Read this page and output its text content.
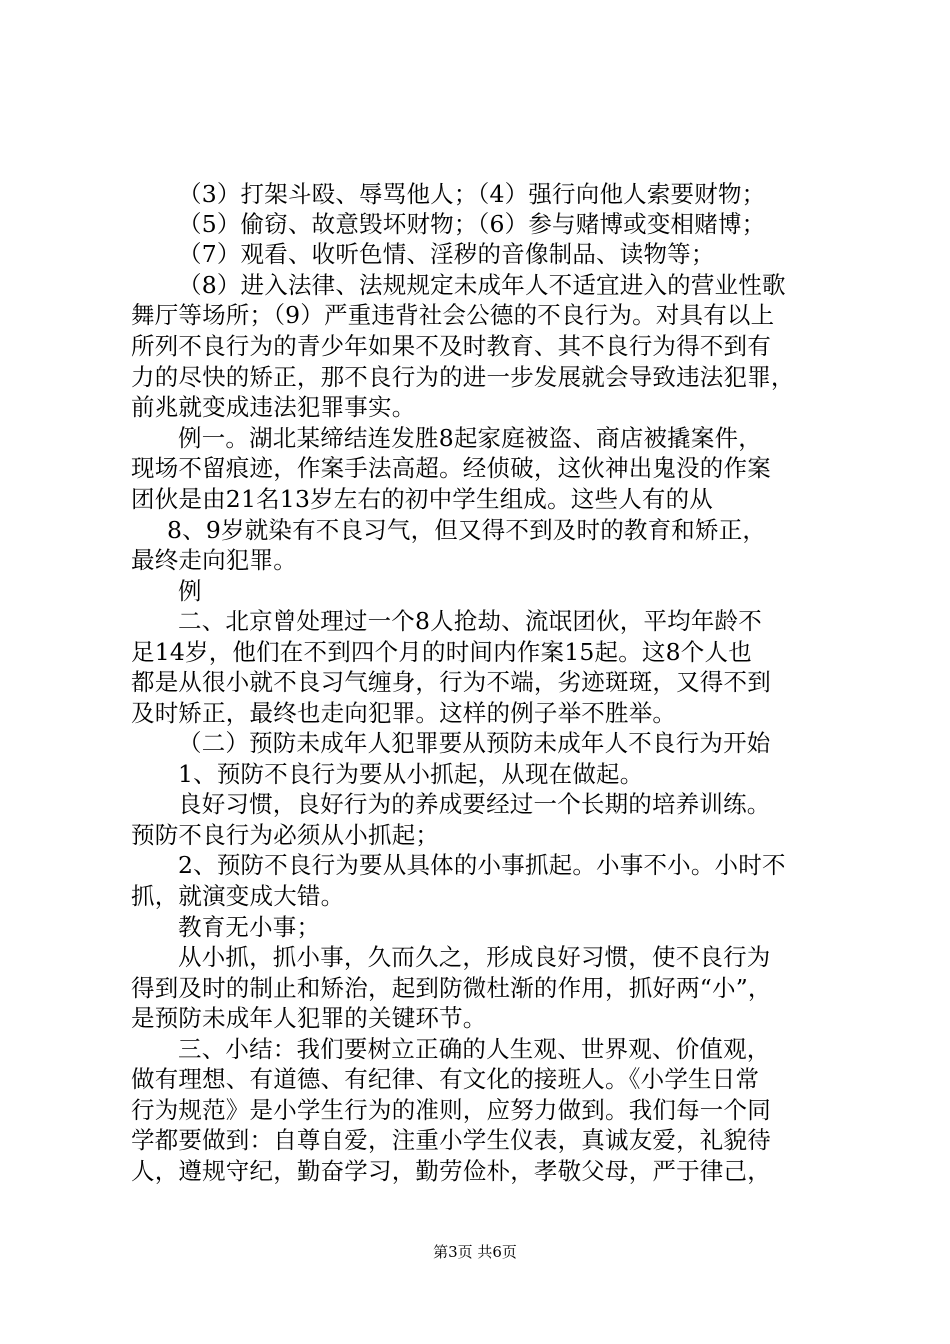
（3）打架斗殴、辱骂他人；（4）强行向他人索要财物；
（5）偷窃、故意毁坏财物；（6）参与赌博或变相赌博；
（7）观看、收听色情、淫秽的音像制品、读物等；
（8）进入法律、法规规定未成年人不适宜进入的营业性歌
舞厅等场所；（9）严重违背社会公德的不良行为。对具有以上
所列不良行为的青少年如果不及时教育、其不良行为得不到有
力的尽快的矫正，那不良行为的进一步发展就会导致违法犯罪，
前兆就变成违法犯罪事实。
例一。湖北某缔结连发胜8起家庭被盗、商店被撬案件，
现场不留痕迹，作案手法高超。经侦破，这伙神出鬼没的作案
团伙是由21名13岁左右的初中学生组成。这些人有的从
8、9岁就染有不良习气，但又得不到及时的教育和矫正，
最终走向犯罪。
例
二、北京曾处理过一个8人抢劫、流氓团伙，平均年龄不
足14岁，他们在不到四个月的时间内作案15起。这8个人也
都是从很小就不良习气缠身，行为不端，劣迹斑斑，又得不到
及时矫正，最终也走向犯罪。这样的例子举不胜举。
（二）预防未成年人犯罪要从预防未成年人不良行为开始
1、预防不良行为要从小抓起，从现在做起。
良好习惯，良好行为的养成要经过一个长期的培养训练。
预防不良行为必须从小抓起；
2、预防不良行为要从具体的小事抓起。小事不小。小时不
抓，就演变成大错。
教育无小事；
从小抓，抓小事，久而久之，形成良好习惯，使不良行为
得到及时的制止和矫治，起到防微杜渐的作用，抓好两“小”，
是预防未成年人犯罪的关键环节。
三、小结：我们要树立正确的人生观、世界观、价值观，
做有理想、有道德、有纪律、有文化的接班人。《小学生日常
行为规范》是小学生行为的准则，应努力做到。我们每一个同
学都要做到：自尊自爱，注重小学生仪表，真诚友爱，礼貌待
人，遵规守纪，勤奋学习，勤劳俭朴，孝敬父母，严于律己，
第3页 共6页
